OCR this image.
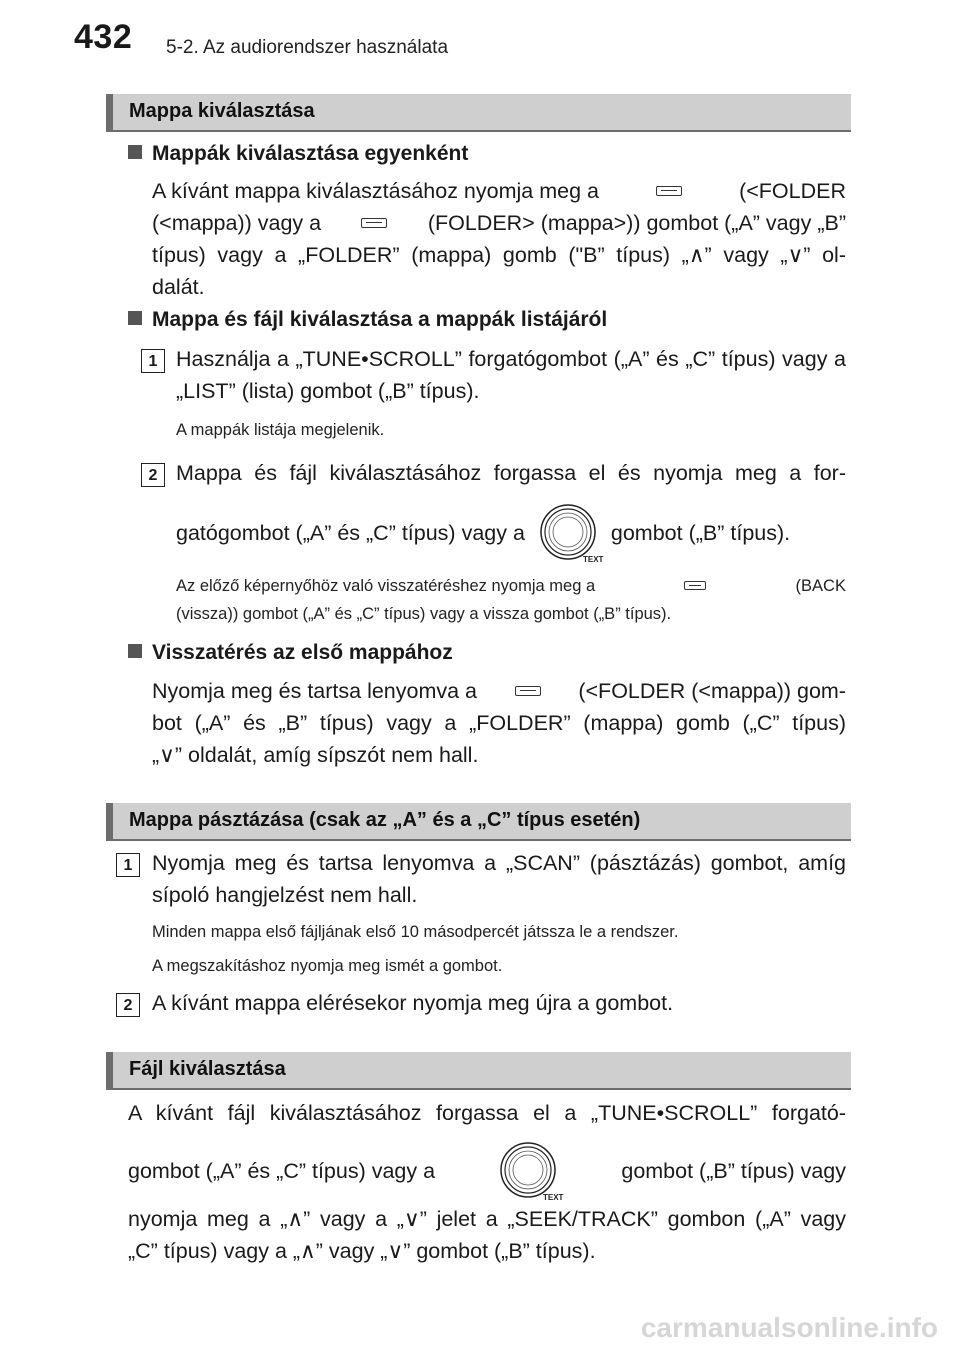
432 5-2. Az audiorendszer használata
Mappa kiválasztása
Mappák kiválasztása egyenként
A kívánt mappa kiválasztásához nyomja meg a	(<FOLDER
(<mappa)) vagy a	(FOLDER> (mappa>)) gombot („A” vagy „B”
típus) vagy a „FOLDER” (mappa) gomb ("B” típus) „∧” vagy „∨” ol-
dalát.
Mappa és fájl kiválasztása a mappák listájáról
1 Használja a „TUNE•SCROLL” forgatógombot („A” és „C” típus) vagy a „LIST” (lista) gombot („B” típus).
A mappák listája megjelenik.
2 Mappa és fájl kiválasztásához forgassa el és nyomja meg a for-
gatógombot („A” és „C” típus) vagy a
TEXT
gombot („B” típus).
Az előző képernyőhöz való visszatéréshez nyomja meg a	(BACK
(vissza)) gombot („A” és „C” típus) vagy a vissza gombot („B” típus).
Visszatérés az első mappához
Nyomja meg és tartsa lenyomva a	(<FOLDER (<mappa)) gom-
bot („A” és „B” típus) vagy a „FOLDER” (mappa) gomb („C” típus)
„∨” oldalát, amíg sípszót nem hall.
Mappa pásztázása (csak az „A” és a „C” típus esetén)
1 Nyomja meg és tartsa lenyomva a „SCAN” (pásztázás) gombot, amíg sípoló hangjelzést nem hall.
Minden mappa első fájljának első 10 másodpercét játssza le a rendszer.
A megszakításhoz nyomja meg ismét a gombot.
2 A kívánt mappa elérésekor nyomja meg újra a gombot.
Fájl kiválasztása
A kívánt fájl kiválasztásához forgassa el a „TUNE•SCROLL” forgató-
gombot („A” és „C” típus) vagy a
TEXT
gombot („B” típus) vagy
nyomja meg a „∧” vagy a „∨” jelet a „SEEK/TRACK” gombon („A” vagy
„C” típus) vagy a „∧” vagy „∨” gombot („B” típus).
carmanualsonline.info
